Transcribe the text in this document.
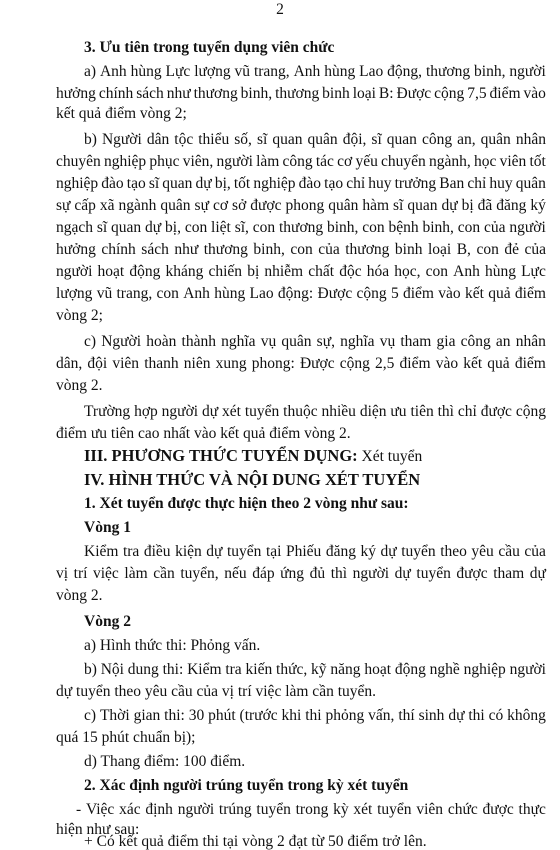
2
3. Ưu tiên trong tuyển dụng viên chức
a) Anh hùng Lực lượng vũ trang, Anh hùng Lao động, thương binh, người
hưởng chính sách như thương binh, thương binh loại B: Được cộng 7,5 điểm vào
kết quả điểm vòng 2;
b) Người dân tộc thiểu số, sĩ quan quân đội, sĩ quan công an, quân nhân
chuyên nghiệp phục viên, người làm công tác cơ yếu chuyển ngành, học viên tốt
nghiệp đào tạo sĩ quan dự bị, tốt nghiệp đào tạo chỉ huy trưởng Ban chỉ huy quân
sự cấp xã ngành quân sự cơ sở được phong quân hàm sĩ quan dự bị đã đăng ký
ngạch sĩ quan dự bị, con liệt sĩ, con thương binh, con bệnh binh, con của người
hưởng chính sách như thương binh, con của thương binh loại B, con đẻ của
người hoạt động kháng chiến bị nhiễm chất độc hóa học, con Anh hùng Lực
lượng vũ trang, con Anh hùng Lao động: Được cộng 5 điểm vào kết quả điểm
vòng 2;
c) Người hoàn thành nghĩa vụ quân sự, nghĩa vụ tham gia công an nhân
dân, đội viên thanh niên xung phong: Được cộng 2,5 điểm vào kết quả điểm
vòng 2.
Trường hợp người dự xét tuyển thuộc nhiều diện ưu tiên thì chỉ được cộng
điểm ưu tiên cao nhất vào kết quả điểm vòng 2.
III. PHƯƠNG THỨC TUYỂN DỤNG: Xét tuyển
IV. HÌNH THỨC VÀ NỘI DUNG XÉT TUYỂN
1. Xét tuyển được thực hiện theo 2 vòng như sau:
Vòng 1
Kiểm tra điều kiện dự tuyển tại Phiếu đăng ký dự tuyển theo yêu cầu của
vị trí việc làm cần tuyển, nếu đáp ứng đủ thì người dự tuyển được tham dự
vòng 2.
Vòng 2
a) Hình thức thi: Phỏng vấn.
b) Nội dung thi: Kiểm tra kiến thức, kỹ năng hoạt động nghề nghiệp người
dự tuyển theo yêu cầu của vị trí việc làm cần tuyển.
c) Thời gian thi: 30 phút (trước khi thi phỏng vấn, thí sinh dự thi có không
quá 15 phút chuẩn bị);
d) Thang điểm: 100 điểm.
2. Xác định người trúng tuyển trong kỳ xét tuyển
- Việc xác định người trúng tuyển trong kỳ xét tuyển viên chức được thực
hiện như sau:
+ Có kết quả điểm thi tại vòng 2 đạt từ 50 điểm trở lên.
